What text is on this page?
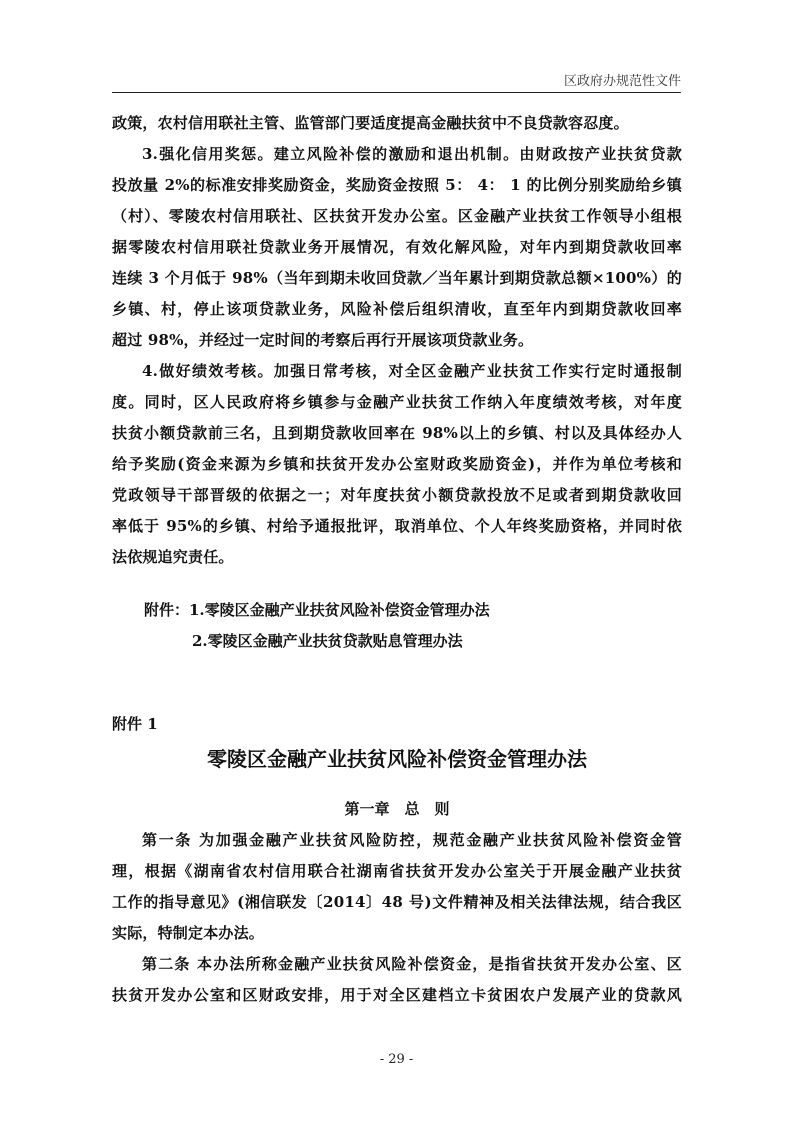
区政府办规范性文件

政策，农村信用联社主管、监管部门要适度提高金融扶贫中不良贷款容忍度。

3.强化信用奖惩。建立风险补偿的激励和退出机制。由财政按产业扶贫贷款

投放量 2%的标准安排奖励资金，奖励资金按照 5： 4： 1 的比例分别奖励给乡镇

（村）、零陵农村信用联社、区扶贫开发办公室。区金融产业扶贫工作领导小组根

据零陵农村信用联社贷款业务开展情况，有效化解风险，对年内到期贷款收回率

连续 3 个月低于 98%（当年到期未收回贷款／当年累计到期贷款总额×100%）的

乡镇、村，停止该项贷款业务，风险补偿后组织清收，直至年内到期贷款收回率

超过 98%，并经过一定时间的考察后再行开展该项贷款业务。

4.做好绩效考核。加强日常考核，对全区金融产业扶贫工作实行定时通报制

度。同时，区人民政府将乡镇参与金融产业扶贫工作纳入年度绩效考核，对年度

扶贫小额贷款前三名，且到期贷款收回率在 98%以上的乡镇、村以及具体经办人

给予奖励(资金来源为乡镇和扶贫开发办公室财政奖励资金)，并作为单位考核和

党政领导干部晋级的依据之一；对年度扶贫小额贷款投放不足或者到期贷款收回

率低于 95%的乡镇、村给予通报批评，取消单位、个人年终奖励资格，并同时依

法依规追究责任。

附件：1.零陵区金融产业扶贫风险补偿资金管理办法

2.零陵区金融产业扶贫贷款贴息管理办法

附件 1
零陵区金融产业扶贫风险补偿资金管理办法

第一章　总　则

第一条 为加强金融产业扶贫风险防控，规范金融产业扶贫风险补偿资金管

理，根据《湖南省农村信用联合社湖南省扶贫开发办公室关于开展金融产业扶贫

工作的指导意见》(湘信联发〔2014〕48 号)文件精神及相关法律法规，结合我区

实际，特制定本办法。

第二条 本办法所称金融产业扶贫风险补偿资金，是指省扶贫开发办公室、区

扶贫开发办公室和区财政安排，用于对全区建档立卡贫困农户发展产业的贷款风

- 29 -
